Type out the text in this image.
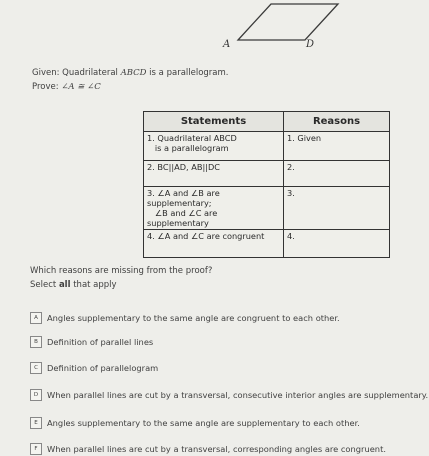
A	D
Given: Quadrilateral ABCD is a parallelogram.
Prove: ∠A ≅ ∠C
Statements	Reasons
1. Quadrilateral ABCD
is a parallelogram	1. Given
2. BC||AD, AB||DC	2.
3. ∠A and ∠B are supplementary;
∠B and ∠C are supplementary	3.
4. ∠A and ∠C are congruent	4.
Which reasons are missing from the proof?
Select all that apply
A Angles supplementary to the same angle are congruent to each other.
B Definition of parallel lines
C Definition of parallelogram
D When parallel lines are cut by a transversal, consecutive interior angles are supplementary.
E Angles supplementary to the same angle are supplementary to each other.
F When parallel lines are cut by a transversal, corresponding angles are congruent.
